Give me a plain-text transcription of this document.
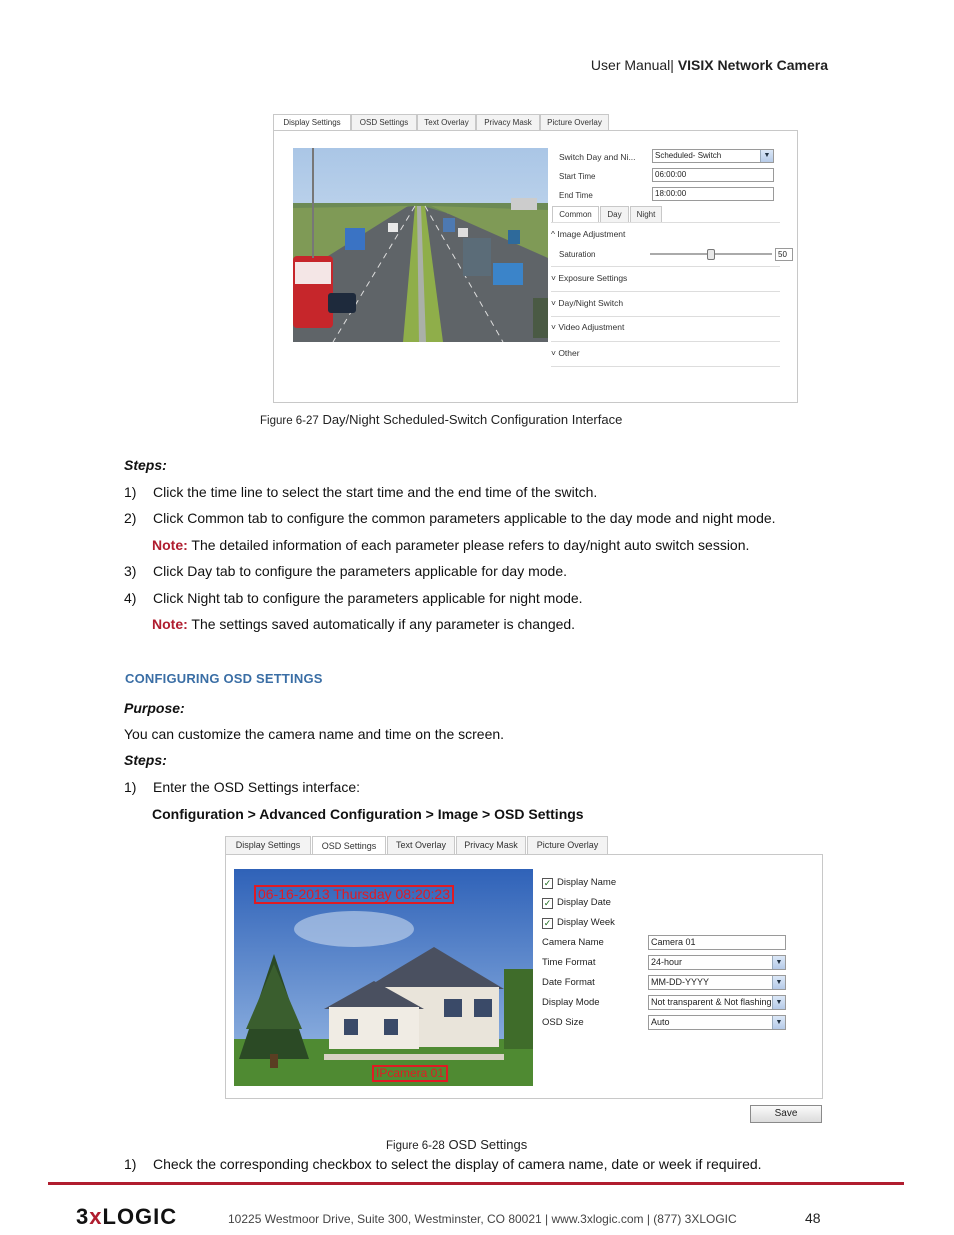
User Manual| VISIX Network Camera
Display Settings	OSD Settings	Text Overlay	Privacy Mask	Picture Overlay
Switch Day and Ni...	Scheduled- Switch	▼
Start Time	06:00:00
End Time	18:00:00
Common	Day	Night
^ Image Adjustment
Saturation	50
˅ Exposure Settings
˅ Day/Night Switch
˅ Video Adjustment
˅ Other
Figure 6-27 Day/Night Scheduled-Switch Configuration Interface
Steps:
1)	Click the time line to select the start time and the end time of the switch.
2)	Click Common tab to configure the common parameters applicable to the day mode and night mode.
Note: The detailed information of each parameter please refers to day/night auto switch session.
3)	Click Day tab to configure the parameters applicable for day mode.
4)	Click Night tab to configure the parameters applicable for night mode.
Note: The settings saved automatically if any parameter is changed.
CONFIGURING OSD SETTINGS
Purpose:
You can customize the camera name and time on the screen.
Steps:
1)	Enter the OSD Settings interface:
Configuration > Advanced Configuration > Image > OSD Settings
Display Settings	OSD Settings	Text Overlay	Privacy Mask	Picture Overlay
06-16-2013 Thursday 08:20:23
IPcamera 01
✓ Display Name
✓ Display Date
✓ Display Week
Camera Name	Camera 01
Time Format	24-hour	▼
Date Format	MM-DD-YYYY	▼
Display Mode	Not transparent & Not flashing ▼
OSD Size	Auto	▼
Save
Figure 6-28 OSD Settings
1)	Check the corresponding checkbox to select the display of camera name, date or week if required.
3xLOGIC	10225 Westmoor Drive, Suite 300, Westminster, CO 80021 | www.3xlogic.com | (877) 3XLOGIC	48
